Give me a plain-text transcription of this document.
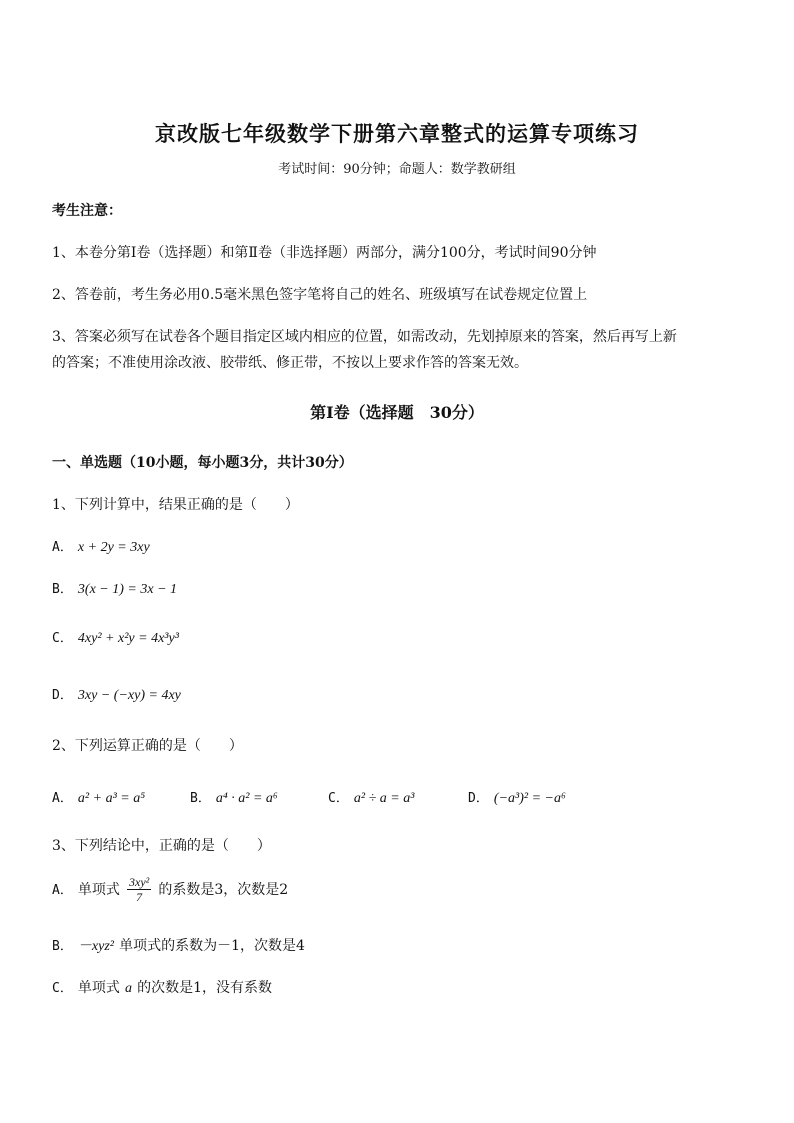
京改版七年级数学下册第六章整式的运算专项练习
考试时间：90分钟；命题人：数学教研组
考生注意：
1、本卷分第Ⅰ卷（选择题）和第Ⅱ卷（非选择题）两部分，满分100分，考试时间90分钟
2、答卷前，考生务必用0.5毫米黑色签字笔将自己的姓名、班级填写在试卷规定位置上
3、答案必须写在试卷各个题目指定区域内相应的位置，如需改动，先划掉原来的答案，然后再写上新
的答案；不准使用涂改液、胶带纸、修正带，不按以上要求作答的答案无效。
第Ⅰ卷（选择题　30分）
一、单选题（10小题，每小题3分，共计30分）
1、下列计算中，结果正确的是（　　）
A． x + 2y = 3xy
B． 3(x − 1) = 3x − 1
C． 4xy² + x²y = 4x³y³
D． 3xy − (−xy) = 4xy
2、下列运算正确的是（　　）
A． a² + a³ = a⁵	B． a⁴ · a² = a⁶	C． a² ÷ a = a³	D． (−a³)² = −a⁶
3、下列结论中，正确的是（　　）
A． 单项式 $\frac{\text{3xy²}}{7}$ 的系数是3，次数是2
B． －xyz² 单项式的系数为－1，次数是4
C． 单项式 a 的次数是1，没有系数
